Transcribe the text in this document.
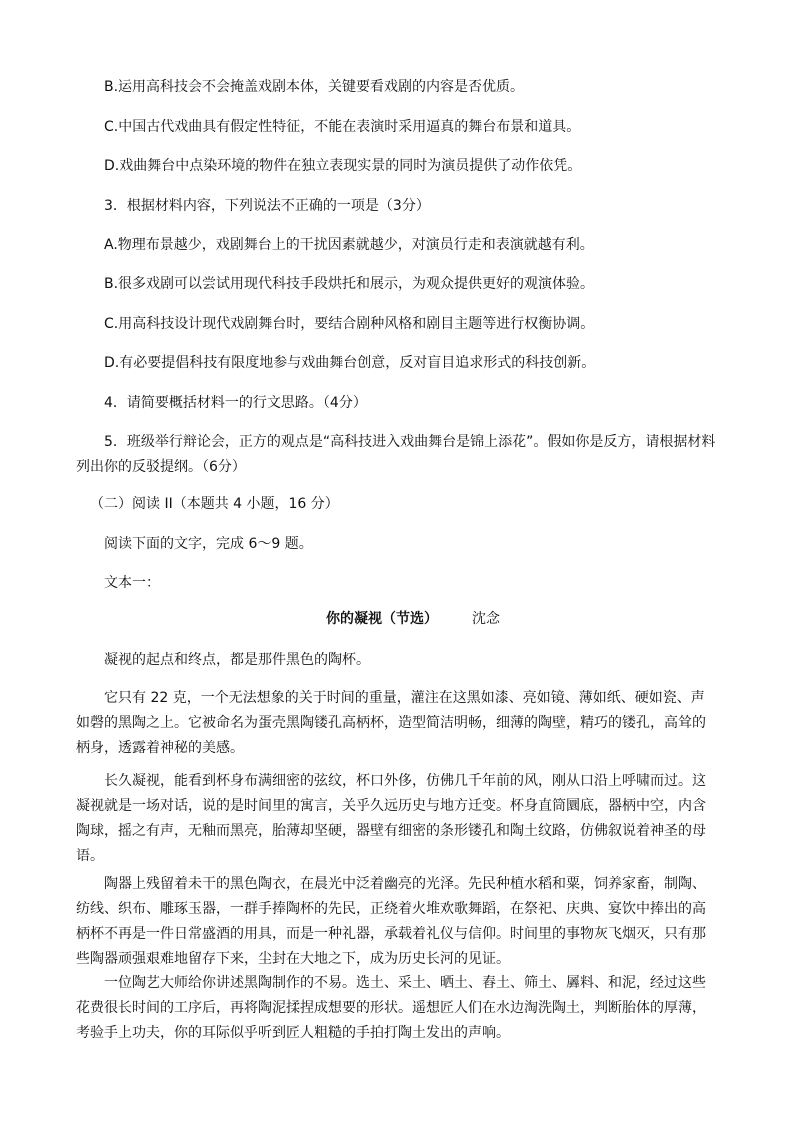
B.运用高科技会不会掩盖戏剧本体，关键要看戏剧的内容是否优质。
C.中国古代戏曲具有假定性特征，不能在表演时采用逼真的舞台布景和道具。
D.戏曲舞台中点染环境的物件在独立表现实景的同时为演员提供了动作依凭。
3．根据材料内容，下列说法不正确的一项是（3分）
A.物理布景越少，戏剧舞台上的干扰因素就越少，对演员行走和表演就越有利。
B.很多戏剧可以尝试用现代科技手段烘托和展示，为观众提供更好的观演体验。
C.用高科技设计现代戏剧舞台时，要结合剧种风格和剧目主题等进行权衡协调。
D.有必要提倡科技有限度地参与戏曲舞台创意，反对盲目追求形式的科技创新。
4．请简要概括材料一的行文思路。（4分）
5．班级举行辩论会，正方的观点是“高科技进入戏曲舞台是锦上添花”。假如你是反方，请根据材料列出你的反驳提纲。（6分）
（二）阅读 II（本题共 4 小题，16 分）
阅读下面的文字，完成 6～9 题。
文本一：
你的凝视（节选） 沈念
凝视的起点和终点，都是那件黑色的陶杯。
它只有 22 克，一个无法想象的关于时间的重量，灌注在这黑如漆、亮如镜、薄如纸、硬如瓷、声如磬的黑陶之上。它被命名为蛋壳黑陶镂孔高柄杯，造型简洁明畅，细薄的陶壁，精巧的镂孔，高耸的柄身，透露着神秘的美感。
长久凝视，能看到杯身布满细密的弦纹，杯口外侈，仿佛几千年前的风，刚从口沿上呼啸而过。这凝视就是一场对话，说的是时间里的寓言，关乎久远历史与地方迁变。杯身直筒圜底，器柄中空，内含陶球，摇之有声，无釉而黑亮，胎薄却坚硬，器壁有细密的条形镂孔和陶土纹路，仿佛叙说着神圣的母语。
陶器上残留着未干的黑色陶衣，在晨光中泛着幽亮的光泽。先民种植水稻和粟，饲养家畜，制陶、纺线、织布、雕琢玉器，一群手捧陶杯的先民，正绕着火堆欢歌舞蹈，在祭祀、庆典、宴饮中捧出的高柄杯不再是一件日常盛酒的用具，而是一种礼器，承载着礼仪与信仰。时间里的事物灰飞烟灭，只有那些陶器顽强艰难地留存下来，尘封在大地之下，成为历史长河的见证。
一位陶艺大师给你讲述黑陶制作的不易。选土、采土、晒土、舂土、筛土、羼料、和泥，经过这些花费很长时间的工序后，再将陶泥揉捏成想要的形状。遥想匠人们在水边淘洗陶土，判断胎体的厚薄，考验手上功夫，你的耳际似乎听到匠人粗糙的手拍打陶土发出的声响。
